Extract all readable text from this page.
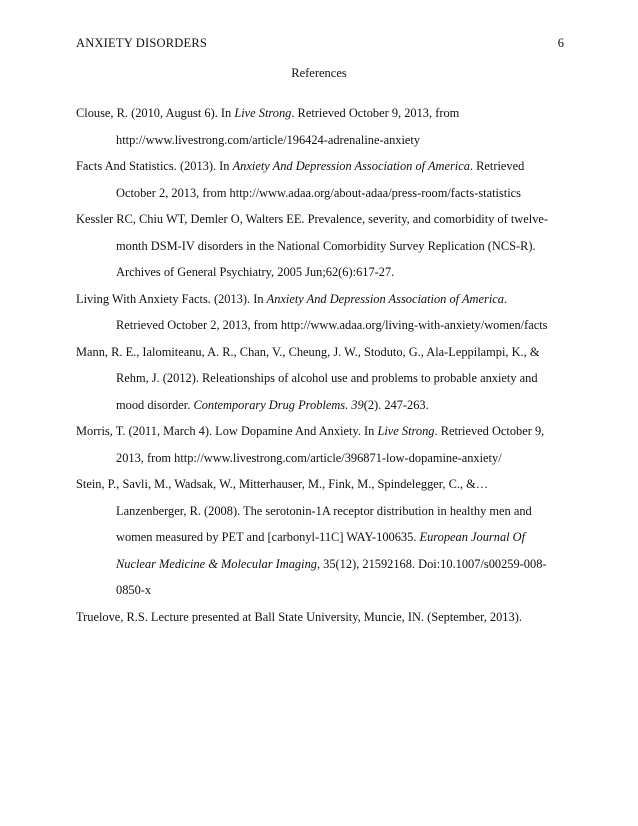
ANXIETY DISORDERS	6
References
Clouse, R. (2010, August 6). In Live Strong. Retrieved October 9, 2013, from
http://www.livestrong.com/article/196424-adrenaline-anxiety
Facts And Statistics. (2013). In Anxiety And Depression Association of America. Retrieved
October 2, 2013, from http://www.adaa.org/about-adaa/press-room/facts-statistics
Kessler RC, Chiu WT, Demler O, Walters EE. Prevalence, severity, and comorbidity of twelve-
month DSM-IV disorders in the National Comorbidity Survey Replication (NCS-R).
Archives of General Psychiatry, 2005 Jun;62(6):617-27.
Living With Anxiety Facts. (2013). In Anxiety And Depression Association of America.
Retrieved October 2, 2013, from http://www.adaa.org/living-with-anxiety/women/facts
Mann, R. E., Ialomiteanu, A. R., Chan, V., Cheung, J. W., Stoduto, G., Ala-Leppilampi, K., &
Rehm, J. (2012). Releationships of alcohol use and problems to probable anxiety and
mood disorder. Contemporary Drug Problems. 39(2). 247-263.
Morris, T. (2011, March 4). Low Dopamine And Anxiety. In Live Strong. Retrieved October 9,
2013, from http://www.livestrong.com/article/396871-low-dopamine-anxiety/
Stein, P., Savli, M., Wadsak, W., Mitterhauser, M., Fink, M., Spindelegger, C., &…
Lanzenberger, R. (2008). The serotonin-1A receptor distribution in healthy men and
women measured by PET and [carbonyl-11C] WAY-100635. European Journal Of
Nuclear Medicine & Molecular Imaging, 35(12), 21592168. Doi:10.1007/s00259-008-
0850-x
Truelove, R.S. Lecture presented at Ball State University, Muncie, IN. (September, 2013).
